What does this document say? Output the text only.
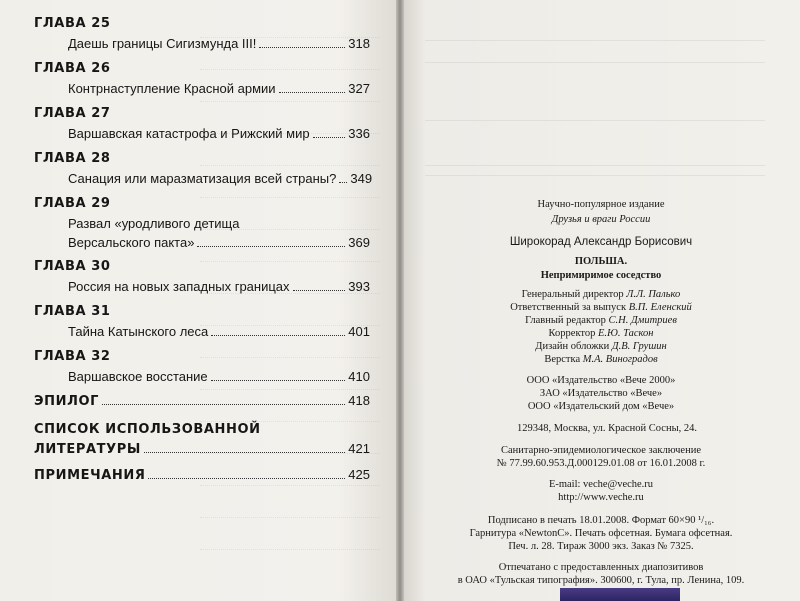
ГЛАВА 25
Даешь границы Сигизмунда III!	318
ГЛАВА 26
Контрнаступление Красной армии	327
ГЛАВА 27
Варшавская катастрофа и Рижский мир	336
ГЛАВА 28
Санация или маразматизация всей страны? 349
ГЛАВА 29
Развал «уродливого детища
Версальского пакта»	369
ГЛАВА 30
Россия на новых западных границах	393
ГЛАВА 31
Тайна Катынского леса	401
ГЛАВА 32
Варшавское восстание	410
ЭПИЛОГ	418
СПИСОК ИСПОЛЬЗОВАННОЙ
ЛИТЕРАТУРЫ	421
ПРИМЕЧАНИЯ	425
Научно-популярное издание
Друзья и враги России
Широкорад Александр Борисович
ПОЛЬША.
Непримиримое соседство
Генеральный директор Л.Л. Палько
Ответственный за выпуск В.П. Еленский
Главный редактор С.Н. Дмитриев
Корректор Е.Ю. Таскон
Дизайн обложки Д.В. Грушин
Верстка М.А. Виноградов
ООО «Издательство «Вече 2000»
ЗАО «Издательство «Вече»
ООО «Издательский дом «Вече»
129348, Москва, ул. Красной Сосны, 24.
Санитарно-эпидемиологическое заключение
№ 77.99.60.953.Д.000129.01.08 от 16.01.2008 г.
E-mail: veche@veche.ru
http://www.veche.ru
Подписано в печать 18.01.2008. Формат 60×90 ¹/₁₆.
Гарнитура «NewtonC». Печать офсетная. Бумага офсетная.
Печ. л. 28. Тираж 3000 экз. Заказ № 7325.
Отпечатано с предоставленных диапозитивов
в ОАО «Тульская типография». 300600, г. Тула, пр. Ленина, 109.
